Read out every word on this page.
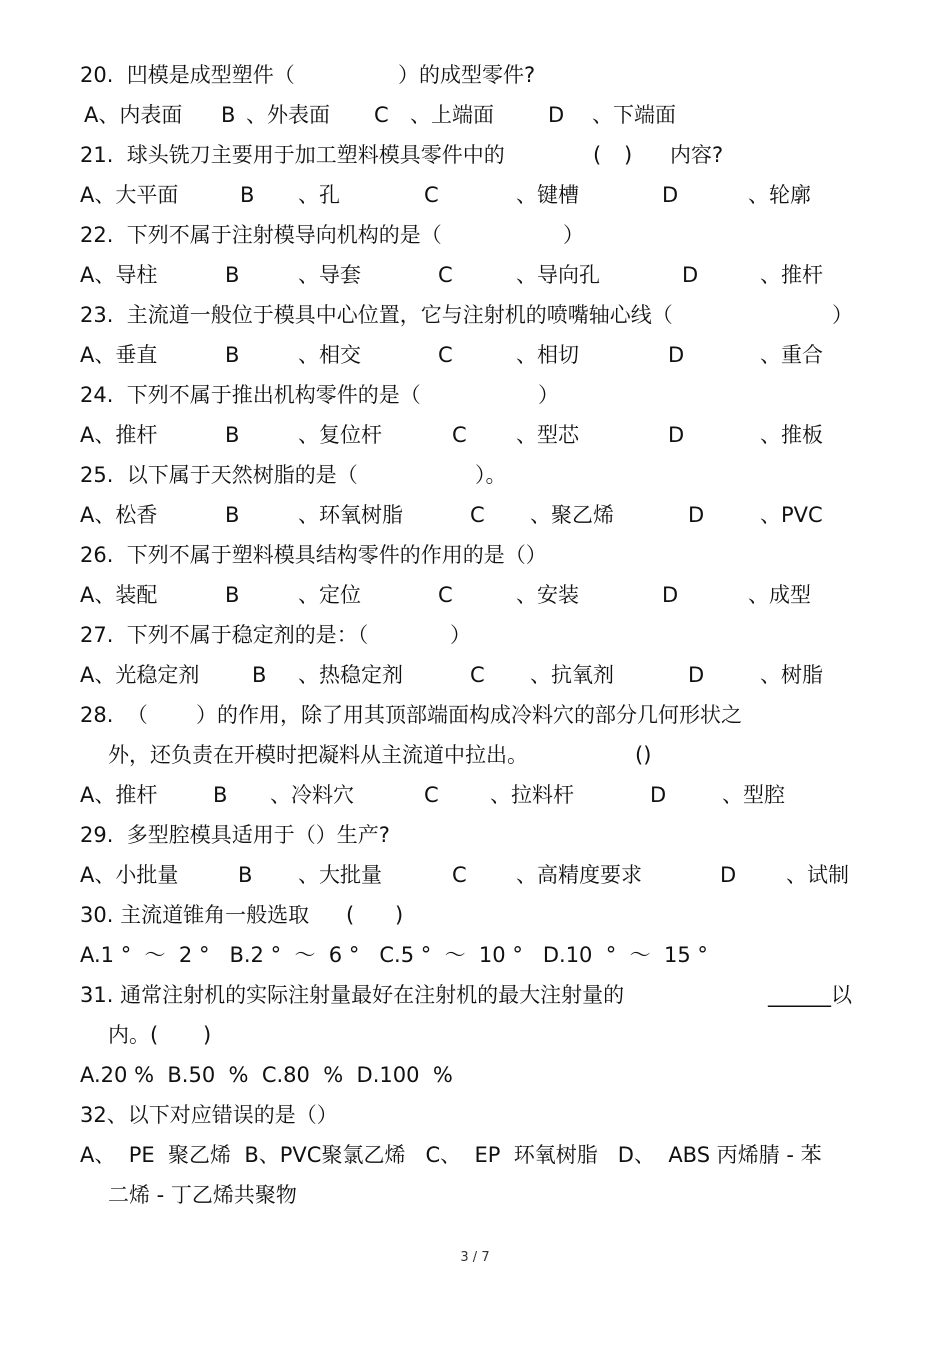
20.  凹模是成型塑件（

	）的成型零件?

A、内表面

B

、外表面

C

、上端面

	D

、下端面

21.  球头铣刀主要用于加工塑料模具零件中的

	(

)

内容?

A、大平面

	B

、孔

	C

	、键槽

	D

	、轮廓

22.  下列不属于注射模导向机构的是（

	）

A、导柱

	B

	、导套

	C

	、导向孔

	D

	、推杆

23.  主流道一般位于模具中心位置，它与注射机的喷嘴轴心线（

	）

A、垂直

	B

	、相交

	C

	、相切

	D

	、重合

24.  下列不属于推出机构零件的是（

	）

A、推杆

	B

	、复位杆

	C

、型芯

	D

	、推板

25.  以下属于天然树脂的是（

	）。

A、松香

	B

	、环氧树脂

	C

、聚乙烯

	D

	、PVC

26.  下列不属于塑料模具结构零件的作用的是（）

A、装配

	B

	、定位

	C

	、安装

	D

	、成型

27.  下列不属于稳定剂的是：（

	）

A、光稳定剂

	B

、热稳定剂

	C

、抗氧剂

	D

	、树脂

28.  （

）的作用，除了用其顶部端面构成冷料穴的部分几何形状之

外，还负责在开模时把凝料从主流道中拉出。

	()

A、推杆

	B

、冷料穴

	C

、拉料杆

	D

	、型腔

29.  多型腔模具适用于（）生产?

A、小批量

	B

、大批量

	C

、高精度要求

	D

、试制

30. 主流道锥角一般选取

(

)

A.1 °  ～  2 °   B.2 °  ～  6 °   C.5 °  ～  10 °   D.10  °  ～  15 °

31. 通常注射机的实际注射量最好在注射机的最大注射量的

	______以

内。(

)

A.20 %  B.50  %  C.80  %  D.100  %

32、以下对应错误的是（）

A、  PE  聚乙烯  B、PVC聚氯乙烯   C、  EP  环氧树脂   D、  ABS 丙烯腈 - 苯

二烯 - 丁乙烯共聚物

3 / 7
